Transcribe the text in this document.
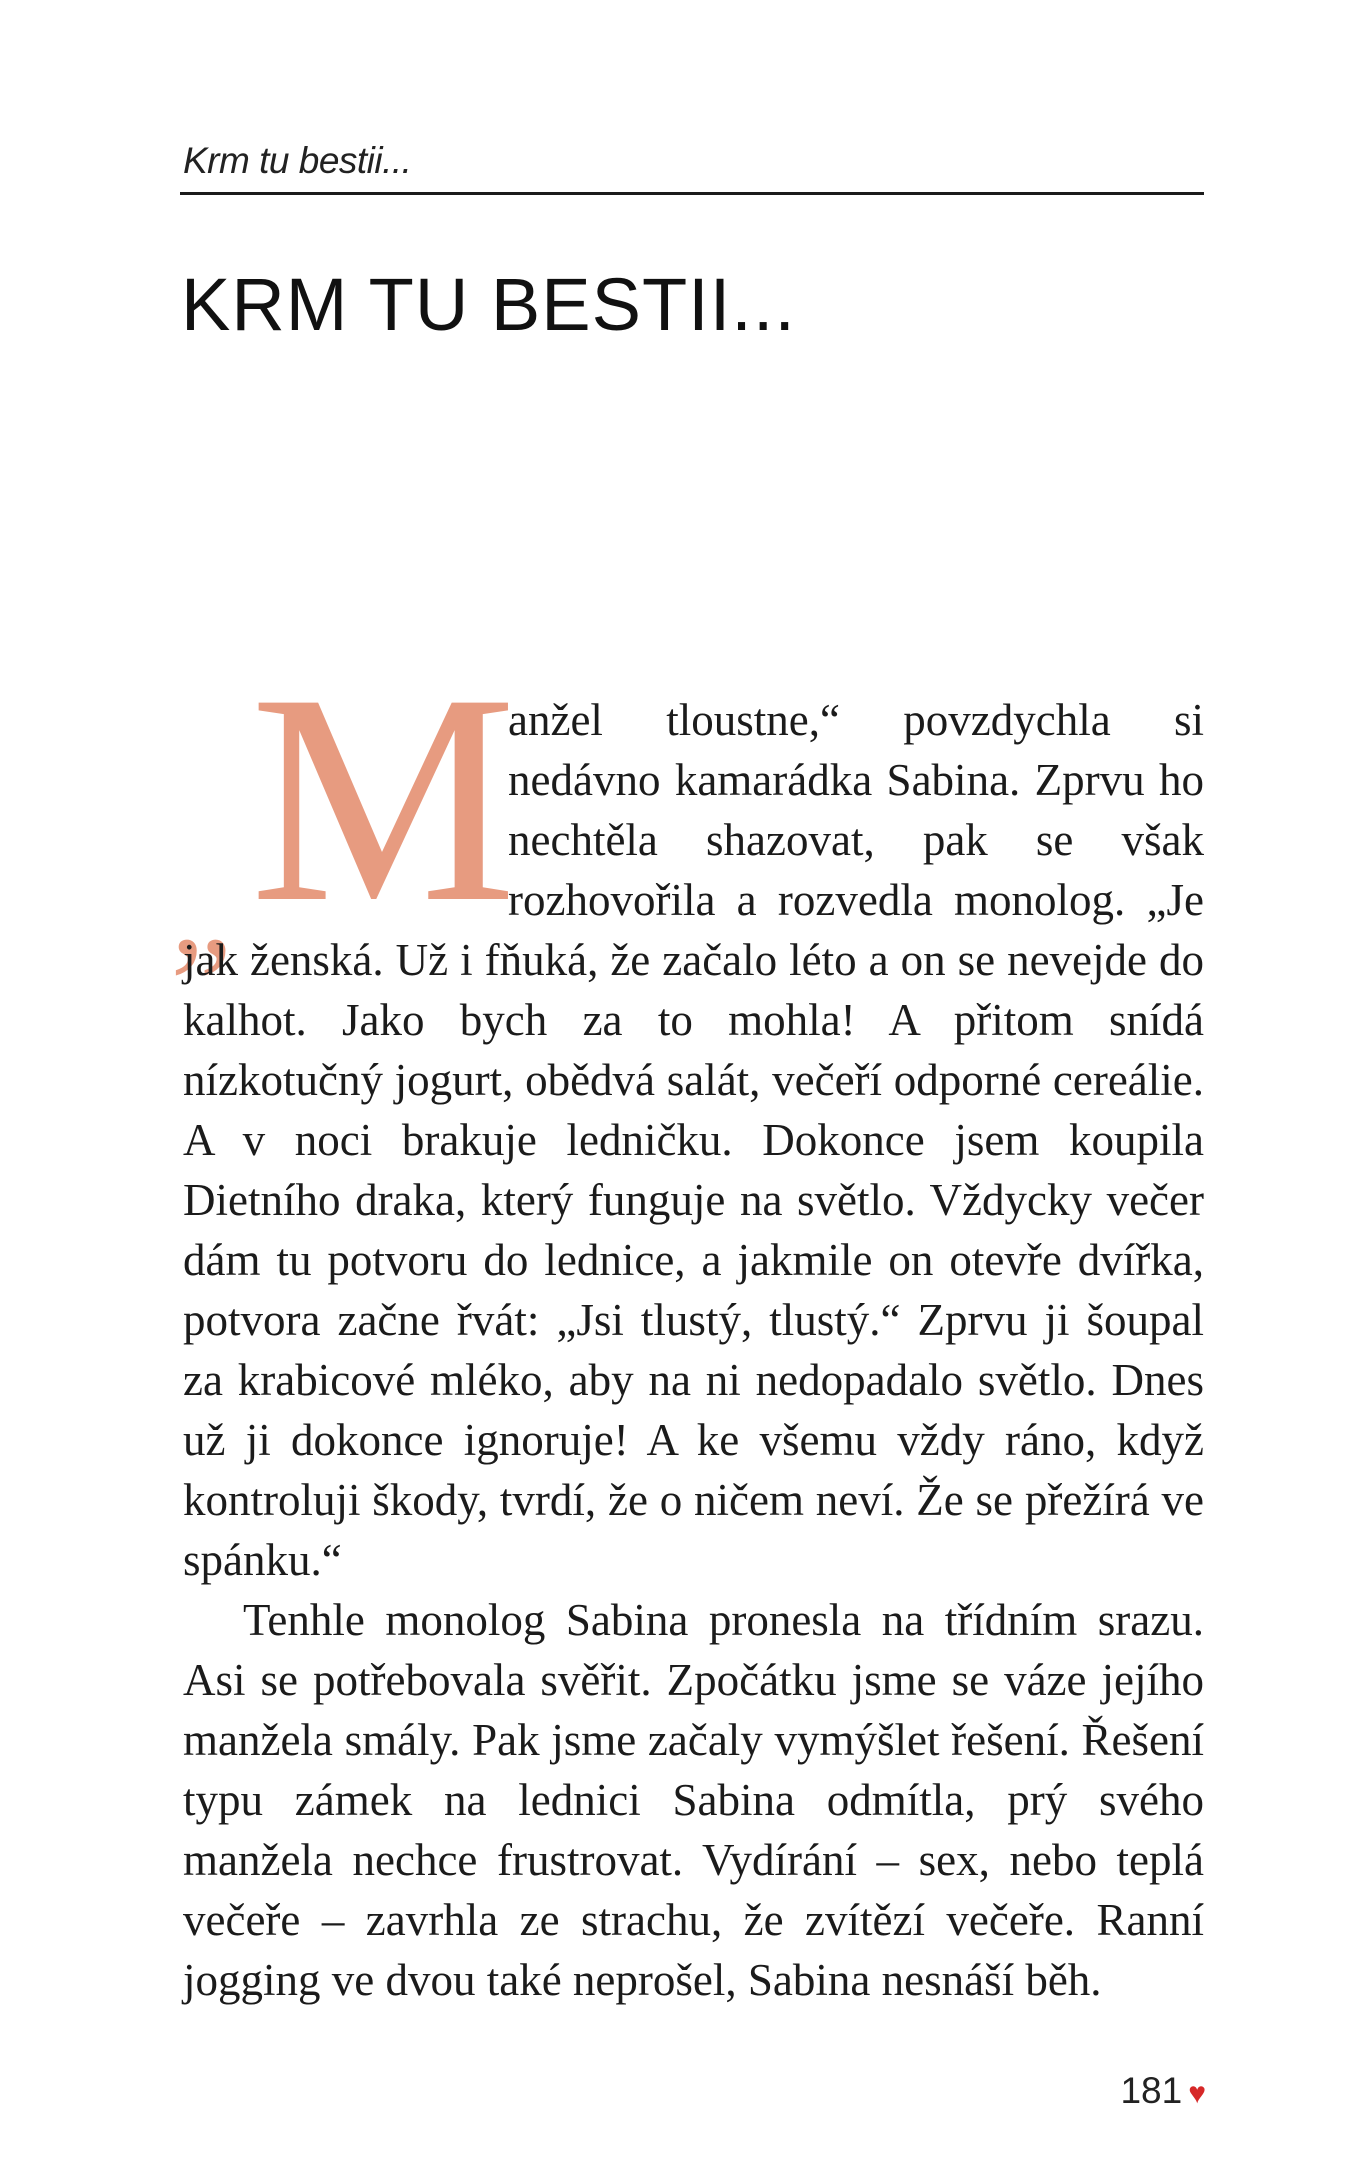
Krm tu bestii...
KRM TU BESTII...
„ M

anžel tloustne,“ povzdychla si nedávno kamarádka Sabina. Zprvu ho nechtěla shazovat, pak se však rozhovořila a rozvedla monolog. „Je jak ženská. Už i fňuká, že začalo léto a on se nevejde do kalhot. Jako bych za to mohla! A přitom snídá nízkotučný jogurt, obědvá salát, večeří odporné cereálie. A v noci brakuje ledničku. Dokonce jsem koupila Dietního draka, který funguje na světlo. Vždycky večer dám tu potvoru do lednice, a jakmile on otevře dvířka, potvora začne řvát: „Jsi tlustý, tlustý.“ Zprvu ji šoupal za krabicové mléko, aby na ni nedopadalo světlo. Dnes už ji dokonce ignoruje! A ke všemu vždy ráno, když kontroluji škody, tvrdí, že o ničem neví. Že se přežírá ve spánku.“

Tenhle monolog Sabina pronesla na třídním srazu. Asi se potřebovala svěřit. Zpočátku jsme se váze jejího manžela smály. Pak jsme začaly vymýšlet řešení. Řešení typu zámek na lednici Sabina odmítla, prý svého manžela nechce frustrovat. Vydírání – sex, nebo teplá večeře – zavrhla ze strachu, že zvítězí večeře. Ranní jogging ve dvou také neprošel, Sabina nesnáší běh.

181 ♥
